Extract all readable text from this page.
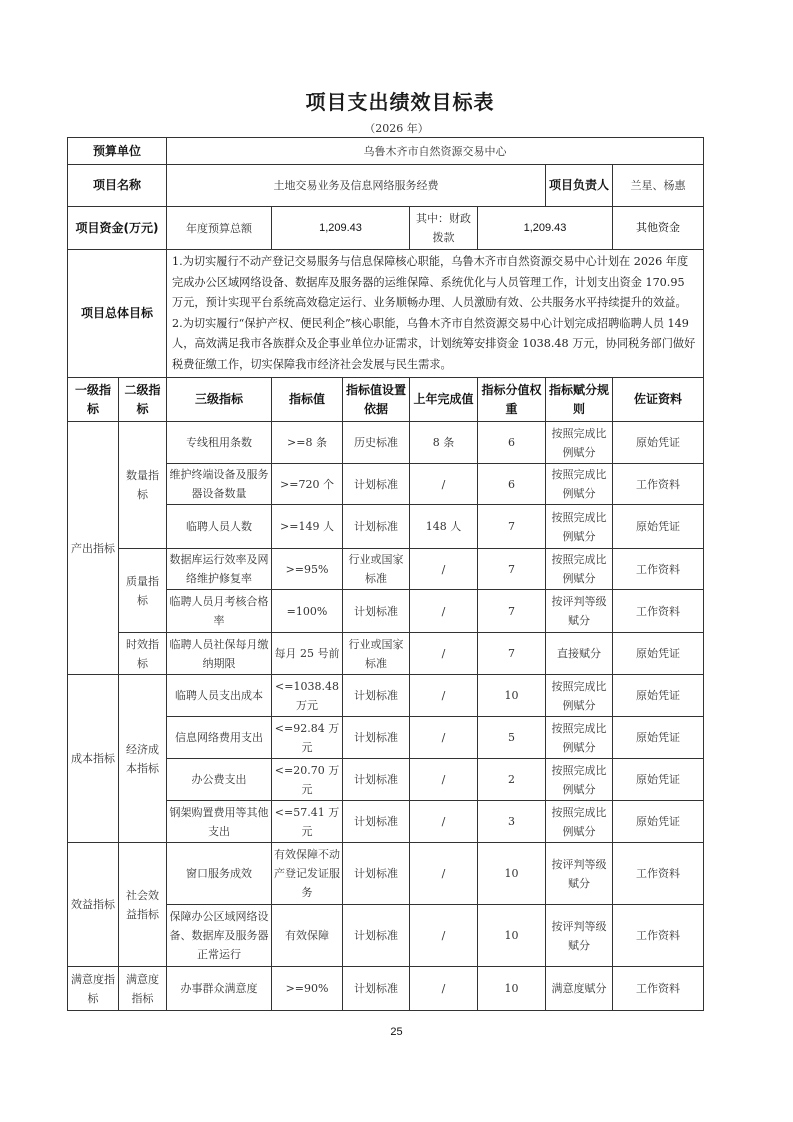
项目支出绩效目标表
（2026 年）
预算单位		乌鲁木齐市自然资源交易中心						
项目名称		土地交易业务及信息网络服务经费					项目负责人	兰星、杨惠
项目资金(万元)		年度预算总额	1,209.43		其中：财政拨款	1,209.43		其他资金
项目总体目标		1.为切实履行不动产登记交易服务与信息保障核心职能，乌鲁木齐市自然资源交易中心计划在 2026 年度完成办公区域网络设备、数据库及服务器的运维保障、系统优化与人员管理工作，计划支出资金 170.95 万元，预计实现平台系统高效稳定运行、业务顺畅办理、人员激励有效、公共服务水平持续提升的效益。 2.为切实履行“保护产权、便民利企”核心职能，乌鲁木齐市自然资源交易中心计划完成招聘临聘人员 149 人，高效满足我市各族群众及企事业单位办证需求，计划统筹安排资金 1038.48 万元，协同税务部门做好税费征缴工作，切实保障我市经济社会发展与民生需求。						
一级指标	二级指标	三级指标	指标值	指标值设置依据	上年完成值	指标分值权重	指标赋分规则	佐证资料
产出指标	数量指标	专线租用条数	>=8 条	历史标准	8 条	6	按照完成比例赋分	原始凭证
		维护终端设备及服务器设备数量	>=720 个	计划标准	/	6	按照完成比例赋分	工作资料
		临聘人员人数	>=149 人	计划标准	148 人	7	按照完成比例赋分	原始凭证
	质量指标	数据库运行效率及网络维护修复率	>=95%	行业或国家标准	/	7	按照完成比例赋分	工作资料
		临聘人员月考核合格率	=100%	计划标准	/	7	按评判等级赋分	工作资料
	时效指标	临聘人员社保每月缴纳期限	每月 25 号前	行业或国家标准	/	7	直接赋分	原始凭证
成本指标	经济成本指标	临聘人员支出成本	<=1038.48 万元	计划标准	/	10	按照完成比例赋分	原始凭证
		信息网络费用支出	<=92.84 万元	计划标准	/	5	按照完成比例赋分	原始凭证
		办公费支出	<=20.70 万元	计划标准	/	2	按照完成比例赋分	原始凭证
		钢架购置费用等其他支出	<=57.41 万元	计划标准	/	3	按照完成比例赋分	原始凭证
效益指标	社会效益指标	窗口服务成效	有效保障不动产登记发证服务	计划标准	/	10	按评判等级赋分	工作资料
		保障办公区域网络设备、数据库及服务器正常运行	有效保障	计划标准	/	10	按评判等级赋分	工作资料
满意度指标	满意度指标	办事群众满意度	>=90%	计划标准	/	10	满意度赋分	工作资料
25
